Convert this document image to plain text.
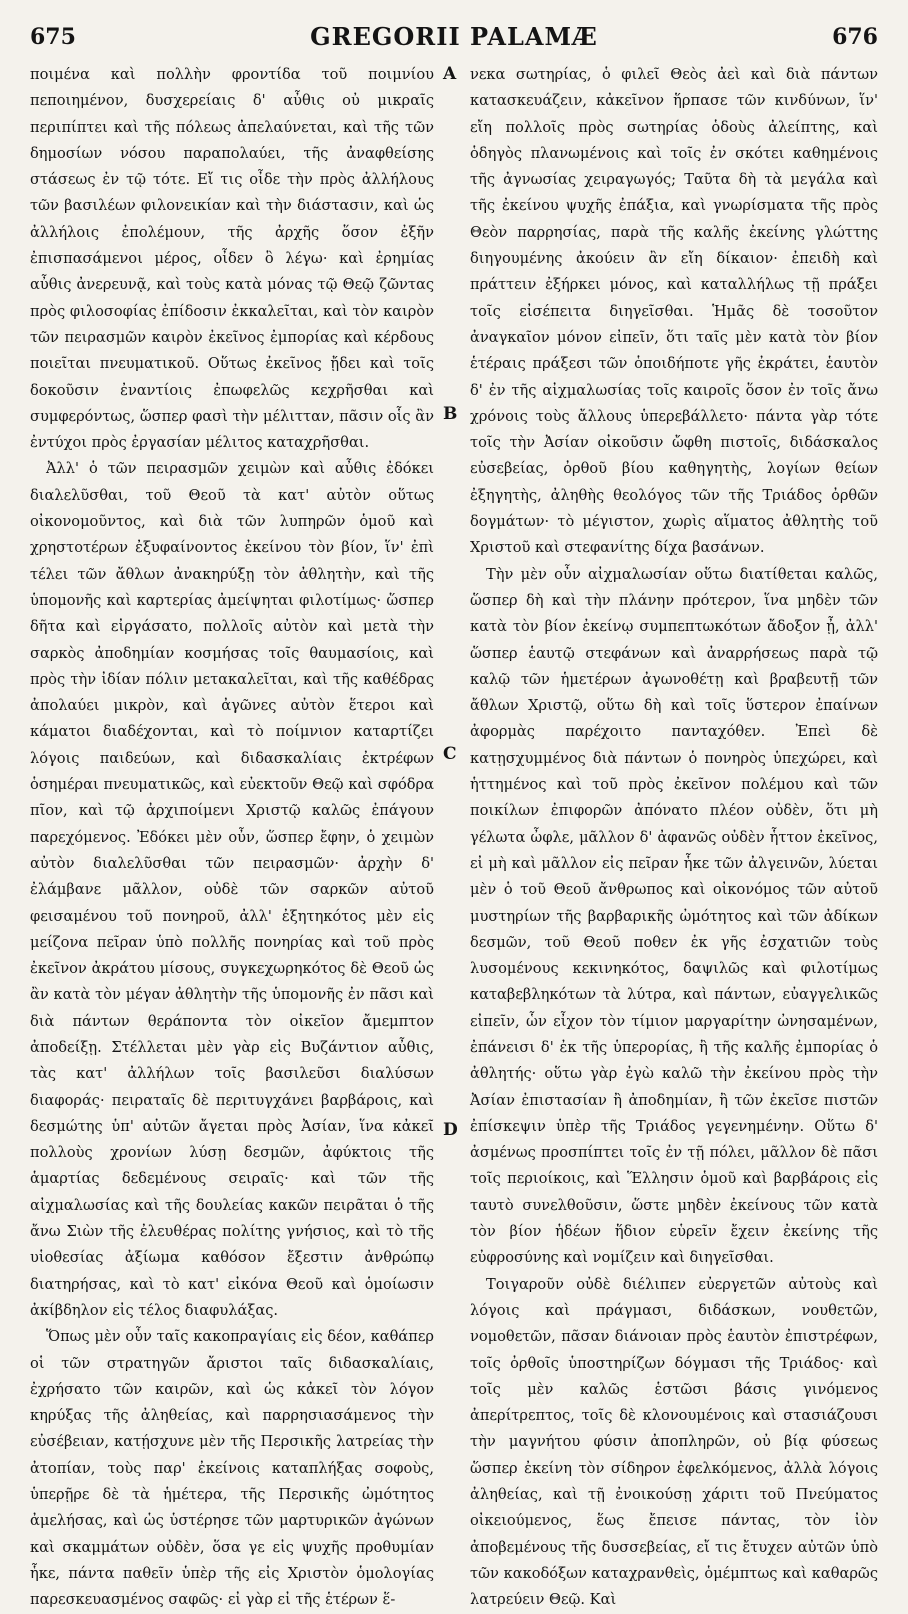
675	GREGORII PALAMÆ	676

ποιμένα καὶ πολλὴν φροντίδα τοῦ ποιμνίου πεποιημένον, δυσχερείαις δ' αὖθις οὐ μικραῖς περιπίπτει καὶ τῆς πόλεως ἀπελαύνεται, καὶ τῆς τῶν δημοσίων νόσου παραπολαύει, τῆς ἀναφθείσης στάσεως ἐν τῷ τότε. Εἴ τις οἶδε τὴν πρὸς ἀλλήλους τῶν βασιλέων φιλονεικίαν καὶ τὴν διάστασιν, καὶ ὡς ἀλλήλοις ἐπολέμουν, τῆς ἀρχῆς ὅσον ἐξῆν ἐπισπασάμενοι μέρος, οἶδεν ὃ λέγω· καὶ ἐρημίας αὖθις ἀνερευνᾷ, καὶ τοὺς κατὰ μόνας τῷ Θεῷ ζῶντας πρὸς φιλοσοφίας ἐπίδοσιν ἐκκαλεῖται, καὶ τὸν καιρὸν τῶν πειρασμῶν καιρὸν ἐκεῖνος ἐμπορίας καὶ κέρδους ποιεῖται πνευματικοῦ. Οὕτως ἐκεῖνος ᾔδει καὶ τοῖς δοκοῦσιν ἐναντίοις ἐπωφελῶς κεχρῆσθαι καὶ συμφερόντως, ὥσπερ φασὶ τὴν μέλιτταν, πᾶσιν οἷς ἂν ἐντύχοι πρὸς ἐργασίαν μέλιτος καταχρῆσθαι.

Ἀλλ' ὁ τῶν πειρασμῶν χειμὼν καὶ αὖθις ἐδόκει διαλελῦσθαι, τοῦ Θεοῦ τὰ κατ' αὐτὸν οὕτως οἰκονομοῦντος, καὶ διὰ τῶν λυπηρῶν ὁμοῦ καὶ χρηστοτέρων ἐξυφαίνοντος ἐκείνου τὸν βίον, ἵν' ἐπὶ τέλει τῶν ἄθλων ἀνακηρύξῃ τὸν ἀθλητὴν, καὶ τῆς ὑπομονῆς καὶ καρτερίας ἀμείψηται φιλοτίμως· ὥσπερ δῆτα καὶ εἰργάσατο, πολλοῖς αὐτὸν καὶ μετὰ τὴν σαρκὸς ἀποδημίαν κοσμήσας τοῖς θαυμασίοις, καὶ πρὸς τὴν ἰδίαν πόλιν μετακαλεῖται, καὶ τῆς καθέδρας ἀπολαύει μικρὸν, καὶ ἀγῶνες αὐτὸν ἕτεροι καὶ κάματοι διαδέχονται, καὶ τὸ ποίμνιον καταρτίζει λόγοις παιδεύων, καὶ διδασκαλίαις ἐκτρέφων ὁσημέραι πνευματικῶς, καὶ εὐεκτοῦν Θεῷ καὶ σφόδρα πῖον, καὶ τῷ ἀρχιποίμενι Χριστῷ καλῶς ἐπάγουν παρεχόμενος. Ἐδόκει μὲν οὖν, ὥσπερ ἔφην, ὁ χειμὼν αὐτὸν διαλελῦσθαι τῶν πειρασμῶν· ἀρχὴν δ' ἐλάμβανε μᾶλλον, οὐδὲ τῶν σαρκῶν αὐτοῦ φεισαμένου τοῦ πονηροῦ, ἀλλ' ἐξητηκότος μὲν εἰς μείζονα πεῖραν ὑπὸ πολλῆς πονηρίας καὶ τοῦ πρὸς ἐκεῖνον ἀκράτου μίσους, συγκεχωρηκότος δὲ Θεοῦ ὡς ἂν κατὰ τὸν μέγαν ἀθλητὴν τῆς ὑπομονῆς ἐν πᾶσι καὶ διὰ πάντων θεράποντα τὸν οἰκεῖον ἄμεμπτον ἀποδείξῃ. Στέλλεται μὲν γὰρ εἰς Βυζάντιον αὖθις, τὰς κατ' ἀλλήλων τοῖς βασιλεῦσι διαλύσων διαφοράς· πειραταῖς δὲ περιτυγχάνει βαρβάροις, καὶ δεσμώτης ὑπ' αὐτῶν ἄγεται πρὸς Ἀσίαν, ἵνα κἀκεῖ πολλοὺς χρονίων λύσῃ δεσμῶν, ἀφύκτοις τῆς ἁμαρτίας δεδεμένους σειραῖς· καὶ τῶν τῆς αἰχμαλωσίας καὶ τῆς δουλείας κακῶν πειρᾶται ὁ τῆς ἄνω Σιὼν τῆς ἐλευθέρας πολίτης γνήσιος, καὶ τὸ τῆς υἱοθεσίας ἀξίωμα καθόσον ἔξεστιν ἀνθρώπῳ διατηρήσας, καὶ τὸ κατ' εἰκόνα Θεοῦ καὶ ὁμοίωσιν ἀκίβδηλον εἰς τέλος διαφυλάξας.

Ὅπως μὲν οὖν ταῖς κακοπραγίαις εἰς δέον, καθάπερ οἱ τῶν στρατηγῶν ἄριστοι ταῖς διδασκαλίαις, ἐχρήσατο τῶν καιρῶν, καὶ ὡς κἀκεῖ τὸν λόγον κηρύξας τῆς ἀληθείας, καὶ παρρησιασάμενος τὴν εὐσέβειαν, κατῄσχυνε μὲν τῆς Περσικῆς λατρείας τὴν ἀτοπίαν, τοὺς παρ' ἐκείνοις καταπλήξας σοφοὺς, ὑπερῇρε δὲ τὰ ἡμέτερα, τῆς Περσικῆς ὠμότητος ἀμελήσας, καὶ ὡς ὑστέρησε τῶν μαρτυρικῶν ἀγώνων καὶ σκαμμάτων οὐδὲν, ὅσα γε εἰς ψυχῆς προθυμίαν ἧκε, πάντα παθεῖν ὑπὲρ τῆς εἰς Χριστὸν ὁμολογίας παρεσκευασμένος σαφῶς· εἰ γὰρ εἰ τῆς ἑτέρων ἕ-

A
B
C
D

νεκα σωτηρίας, ὁ φιλεῖ Θεὸς ἀεὶ καὶ διὰ πάντων κατασκευάζειν, κἀκεῖνον ἥρπασε τῶν κινδύνων, ἵν' εἴη πολλοῖς πρὸς σωτηρίας ὁδοὺς ἀλείπτης, καὶ ὁδηγὸς πλανωμένοις καὶ τοῖς ἐν σκότει καθημένοις τῆς ἀγνωσίας χειραγωγός; Ταῦτα δὴ τὰ μεγάλα καὶ τῆς ἐκείνου ψυχῆς ἐπάξια, καὶ γνωρίσματα τῆς πρὸς Θεὸν παρρησίας, παρὰ τῆς καλῆς ἐκείνης γλώττης διηγουμένης ἀκούειν ἂν εἴη δίκαιον· ἐπειδὴ καὶ πράττειν ἐξήρκει μόνος, καὶ καταλλήλως τῇ πράξει τοῖς εἰσέπειτα διηγεῖσθαι. Ἡμᾶς δὲ τοσοῦτον ἀναγκαῖον μόνον εἰπεῖν, ὅτι ταῖς μὲν κατὰ τὸν βίον ἑτέραις πράξεσι τῶν ὁποιδήποτε γῆς ἐκράτει, ἑαυτὸν δ' ἐν τῆς αἰχμαλωσίας τοῖς καιροῖς ὅσον ἐν τοῖς ἄνω χρόνοις τοὺς ἄλλους ὑπερεβάλλετο· πάντα γὰρ τότε τοῖς τὴν Ἀσίαν οἰκοῦσιν ὤφθη πιστοῖς, διδάσκαλος εὐσεβείας, ὀρθοῦ βίου καθηγητὴς, λογίων θείων ἐξηγητὴς, ἀληθὴς θεολόγος τῶν τῆς Τριάδος ὀρθῶν δογμάτων· τὸ μέγιστον, χωρὶς αἵματος ἀθλητὴς τοῦ Χριστοῦ καὶ στεφανίτης δίχα βασάνων.

Τὴν μὲν οὖν αἰχμαλωσίαν οὕτω διατίθεται καλῶς, ὥσπερ δὴ καὶ τὴν πλάνην πρότερον, ἵνα μηδὲν τῶν κατὰ τὸν βίον ἐκείνῳ συμπεπτωκότων ἄδοξον ᾖ, ἀλλ' ὥσπερ ἑαυτῷ στεφάνων καὶ ἀναρρήσεως παρὰ τῷ καλῷ τῶν ἡμετέρων ἀγωνοθέτῃ καὶ βραβευτῇ τῶν ἄθλων Χριστῷ, οὕτω δὴ καὶ τοῖς ὕστερον ἐπαίνων ἀφορμὰς παρέχοιτο πανταχόθεν. Ἐπεὶ δὲ κατῃσχυμμένος διὰ πάντων ὁ πονηρὸς ὑπεχώρει, καὶ ἡττημένος καὶ τοῦ πρὸς ἐκεῖνον πολέμου καὶ τῶν ποικίλων ἐπιφορῶν ἀπόνατο πλέον οὐδὲν, ὅτι μὴ γέλωτα ὦφλε, μᾶλλον δ' ἀφανῶς οὐδὲν ἧττον ἐκεῖνος, εἰ μὴ καὶ μᾶλλον εἰς πεῖραν ἧκε τῶν ἀλγεινῶν, λύεται μὲν ὁ τοῦ Θεοῦ ἄνθρωπος καὶ οἰκονόμος τῶν αὐτοῦ μυστηρίων τῆς βαρβαρικῆς ὠμότητος καὶ τῶν ἀδίκων δεσμῶν, τοῦ Θεοῦ ποθεν ἐκ γῆς ἐσχατιῶν τοὺς λυσομένους κεκινηκότος, δαψιλῶς καὶ φιλοτίμως καταβεβληκότων τὰ λύτρα, καὶ πάντων, εὐαγγελικῶς εἰπεῖν, ὧν εἶχον τὸν τίμιον μαργαρίτην ὠνησαμένων, ἐπάνεισι δ' ἐκ τῆς ὑπερορίας, ἢ τῆς καλῆς ἐμπορίας ὁ ἀθλητής· οὕτω γὰρ ἐγὼ καλῶ τὴν ἐκείνου πρὸς τὴν Ἀσίαν ἐπιστασίαν ἢ ἀποδημίαν, ἢ τῶν ἐκεῖσε πιστῶν ἐπίσκεψιν ὑπὲρ τῆς Τριάδος γεγενημένην. Οὕτω δ' ἀσμένως προσπίπτει τοῖς ἐν τῇ πόλει, μᾶλλον δὲ πᾶσι τοῖς περιοίκοις, καὶ Ἕλλησιν ὁμοῦ καὶ βαρβάροις εἰς ταυτὸ συνελθοῦσιν, ὥστε μηδὲν ἐκείνους τῶν κατὰ τὸν βίον ἡδέων ἥδιον εὑρεῖν ἔχειν ἐκείνης τῆς εὐφροσύνης καὶ νομίζειν καὶ διηγεῖσθαι.

Τοιγαροῦν οὐδὲ διέλιπεν εὐεργετῶν αὐτοὺς καὶ λόγοις καὶ πράγμασι, διδάσκων, νουθετῶν, νομοθετῶν, πᾶσαν διάνοιαν πρὸς ἑαυτὸν ἐπιστρέφων, τοῖς ὀρθοῖς ὑποστηρίζων δόγμασι τῆς Τριάδος· καὶ τοῖς μὲν καλῶς ἑστῶσι βάσις γινόμενος ἀπερίτρεπτος, τοῖς δὲ κλονουμένοις καὶ στασιάζουσι τὴν μαγνήτου φύσιν ἀποπληρῶν, οὐ βίᾳ φύσεως ὥσπερ ἐκείνη τὸν σίδηρον ἐφελκόμενος, ἀλλὰ λόγοις ἀληθείας, καὶ τῇ ἐνοικούσῃ χάριτι τοῦ Πνεύματος οἰκειούμενος, ἕως ἔπεισε πάντας, τὸν ἰὸν ἀποβεμένους τῆς δυσσεβείας, εἴ τις ἔτυχεν αὐτῶν ὑπὸ τῶν κακοδόξων καταχρανθεὶς, ὁμέμπτως καὶ καθαρῶς λατρεύειν Θεῷ. Καὶ
